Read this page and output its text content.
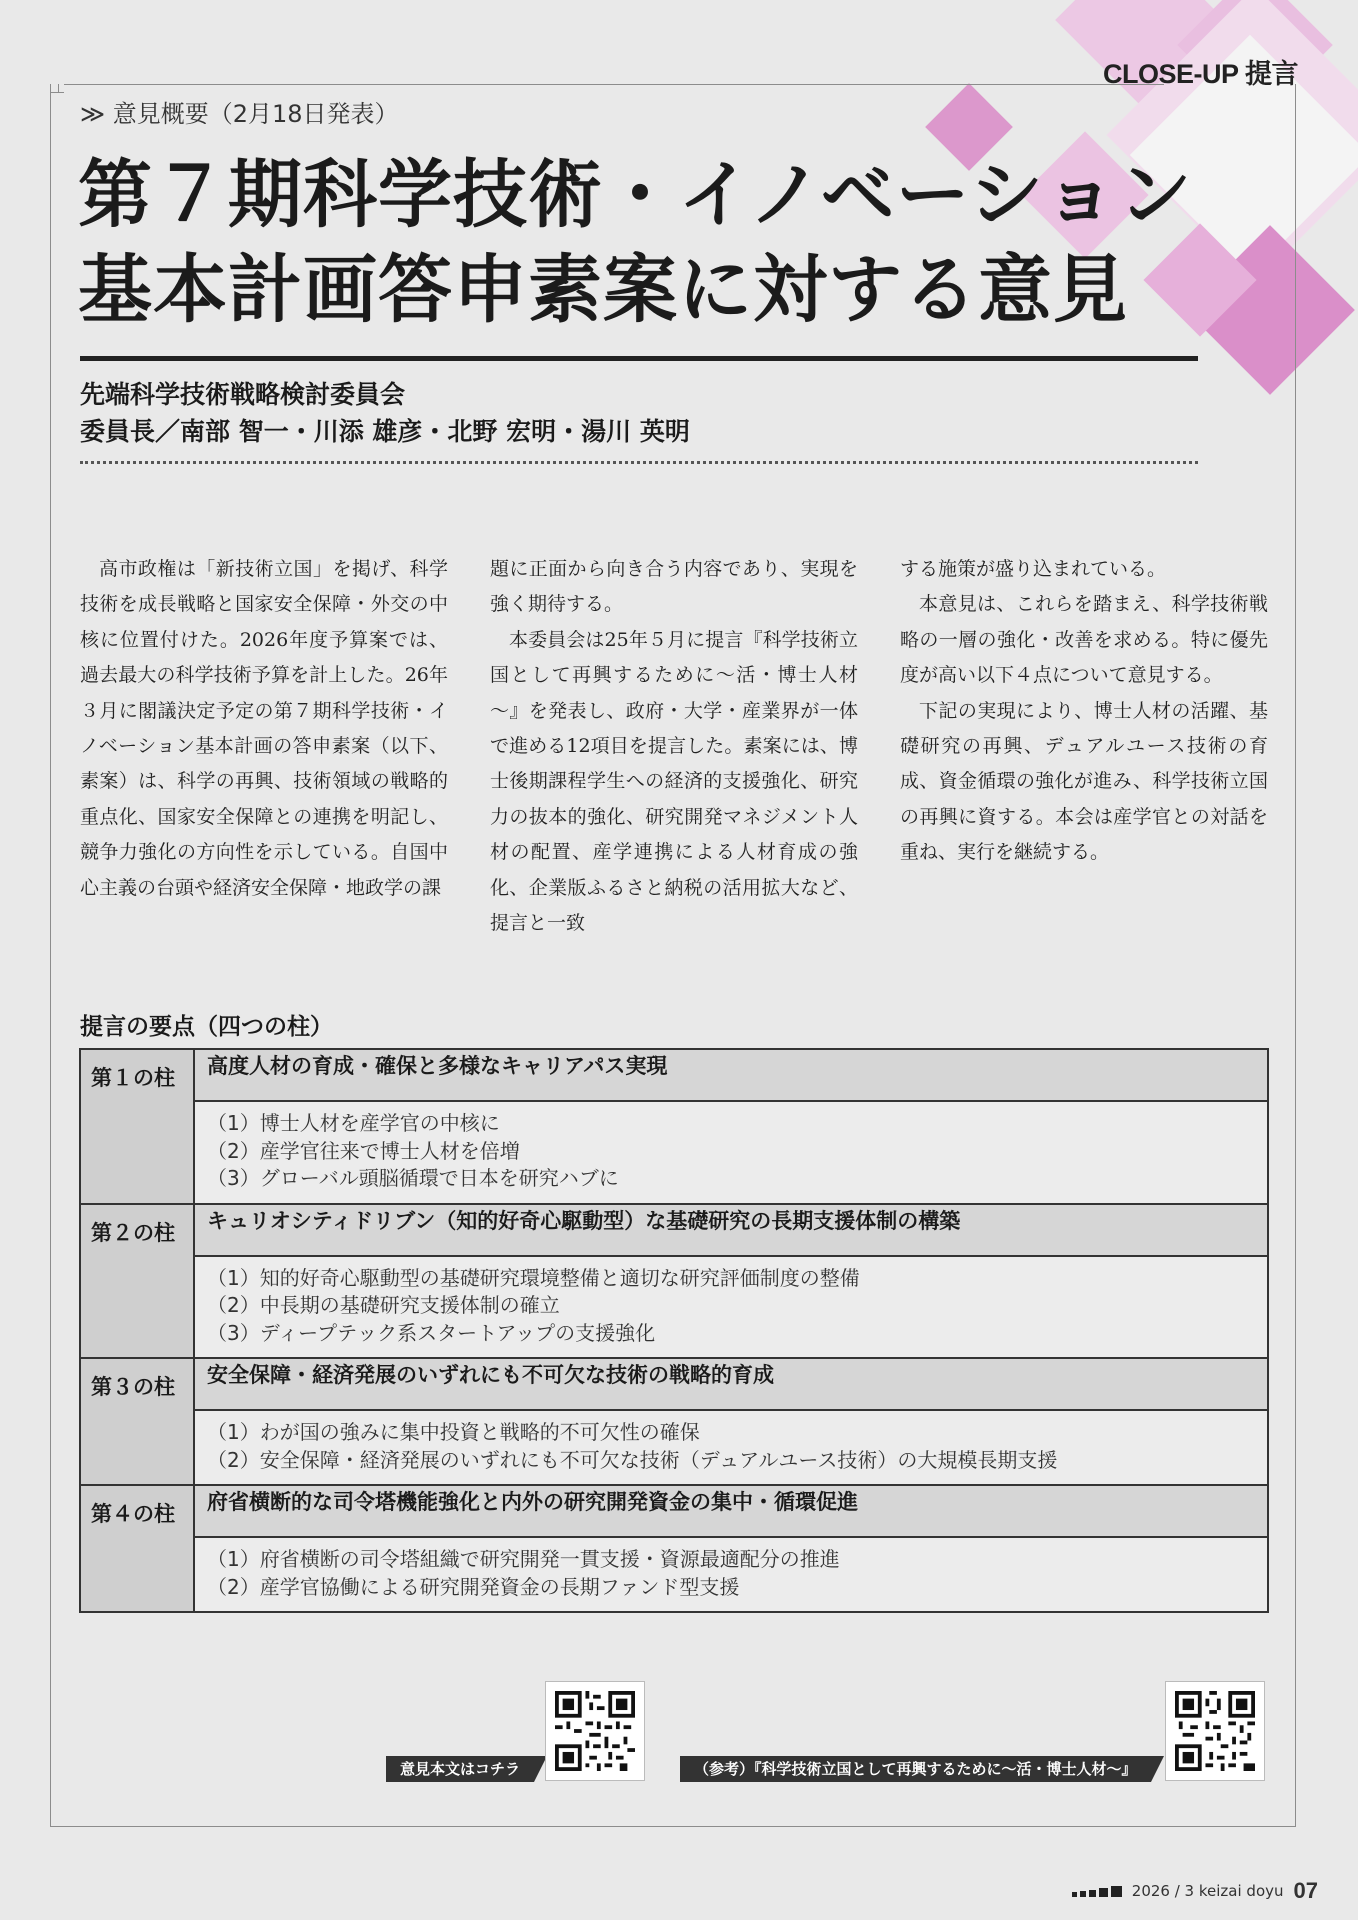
CLOSE-UP 提言
≫ 意見概要（2月18日発表）
第７期科学技術・イノベーション
基本計画答申素案に対する意見
先端科学技術戦略検討委員会
委員長／南部 智一・川添 雄彦・北野 宏明・湯川 英明

高市政権は「新技術立国」を掲げ、科学技術を成長戦略と国家安全保障・外交の中核に位置付けた。2026年度予算案では、過去最大の科学技術予算を計上した。26年３月に閣議決定予定の第７期科学技術・イノベーション基本計画の答申素案（以下、素案）は、科学の再興、技術領域の戦略的重点化、国家安全保障との連携を明記し、競争力強化の方向性を示している。自国中心主義の台頭や経済安全保障・地政学の課

題に正面から向き合う内容であり、実現を強く期待する。

本委員会は25年５月に提言『科学技術立国として再興するために～活・博士人材～』を発表し、政府・大学・産業界が一体で進める12項目を提言した。素案には、博士後期課程学生への経済的支援強化、研究力の抜本的強化、研究開発マネジメント人材の配置、産学連携による人材育成の強化、企業版ふるさと納税の活用拡大など、提言と一致

する施策が盛り込まれている。

本意見は、これらを踏まえ、科学技術戦略の一層の強化・改善を求める。特に優先度が高い以下４点について意見する。

下記の実現により、博士人材の活躍、基礎研究の再興、デュアルユース技術の育成、資金循環の強化が進み、科学技術立国の再興に資する。本会は産学官との対話を重ね、実行を継続する。

提言の要点（四つの柱）
第１の柱	高度人材の育成・確保と多様なキャリアパス実現

	（1）博士人材を産学官の中核に
（2）産学官往来で博士人材を倍増
（3）グローバル頭脳循環で日本を研究ハブに

第２の柱	キュリオシティドリブン（知的好奇心駆動型）な基礎研究の長期支援体制の構築

	（1）知的好奇心駆動型の基礎研究環境整備と適切な研究評価制度の整備
（2）中長期の基礎研究支援体制の確立
（3）ディープテック系スタートアップの支援強化

第３の柱	安全保障・経済発展のいずれにも不可欠な技術の戦略的育成

	（1）わが国の強みに集中投資と戦略的不可欠性の確保
（2）安全保障・経済発展のいずれにも不可欠な技術（デュアルユース技術）の大規模長期支援

第４の柱	府省横断的な司令塔機能強化と内外の研究開発資金の集中・循環促進

	（1）府省横断の司令塔組織で研究開発一貫支援・資源最適配分の推進
（2）産学官協働による研究開発資金の長期ファンド型支援
意見本文はコチラ	（参考）『科学技術立国として再興するために～活・博士人材～』
2026 / 3 keizai doyu 07
